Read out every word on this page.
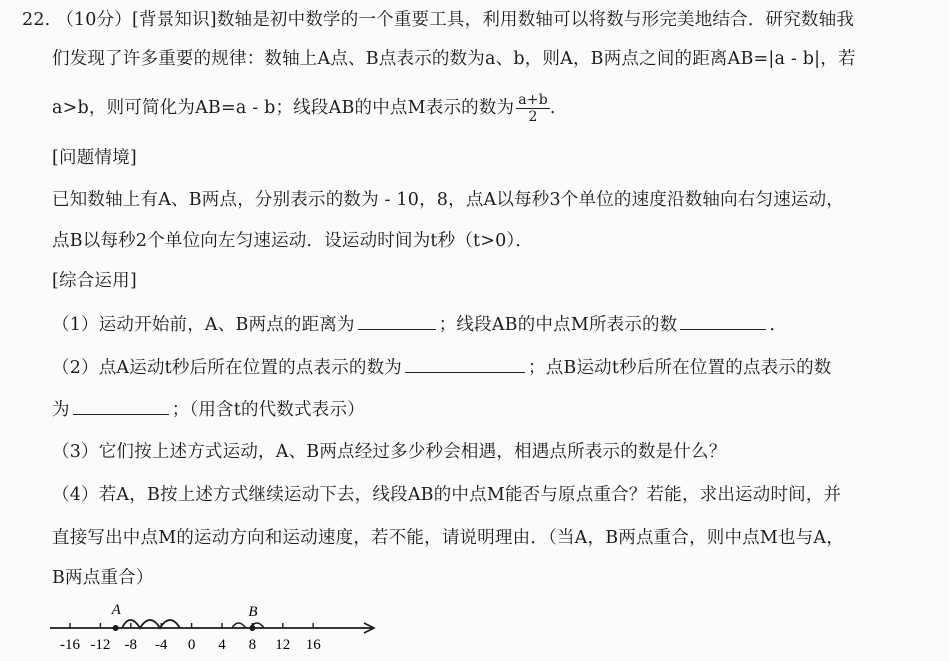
22. （10分）[背景知识]数轴是初中数学的一个重要工具，利用数轴可以将数与形完美地结合．研究数轴我
们发现了许多重要的规律：数轴上A点、B点表示的数为a、b，则A，B两点之间的距离AB=|a - b|，若
a>b，则可简化为AB=a - b；线段AB的中点M表示的数为 $\frac{a+b}{2}$ .
[问题情境]
已知数轴上有A、B两点，分别表示的数为 - 10，8，点A以每秒3个单位的速度沿数轴向右匀速运动，
点B以每秒2个单位向左匀速运动．设运动时间为t秒（t>0）．
[综合运用]
（1）运动开始前，A、B两点的距离为	；线段AB的中点M所表示的数	．
（2）点A运动t秒后所在位置的点表示的数为	；点B运动t秒后所在位置的点表示的数
为	；（用含t的代数式表示）
（3）它们按上述方式运动，A、B两点经过多少秒会相遇，相遇点所表示的数是什么？
（4）若A，B按上述方式继续运动下去，线段AB的中点M能否与原点重合？若能，求出运动时间，并
直接写出中点M的运动方向和运动速度，若不能，请说明理由．（当A，B两点重合，则中点M也与A，
B两点重合）
-16 -12 -8 -4 0 4 8 12 16
A	B
